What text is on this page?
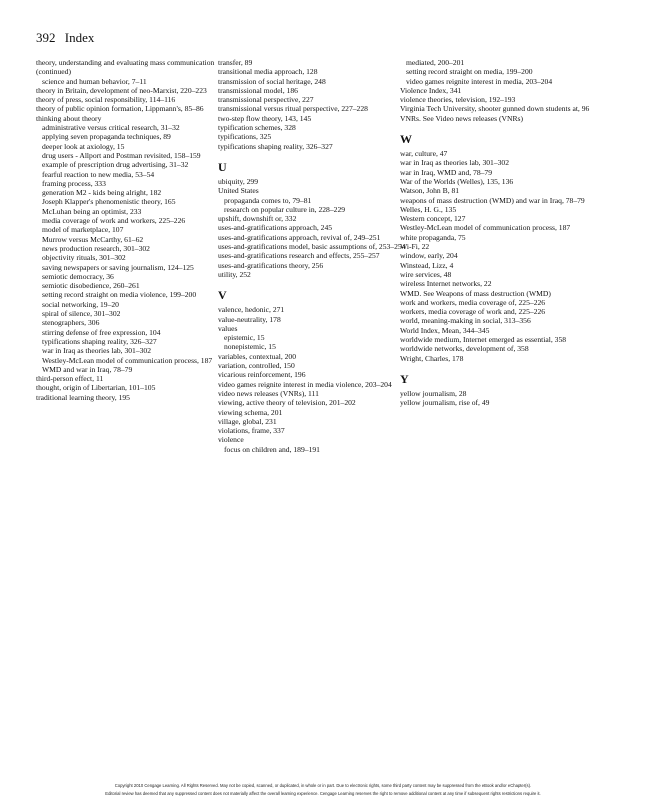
392 Index
theory, understanding and evaluating mass communication
(continued)
science and human behavior, 7–11
theory in Britain, development of neo-Marxist, 220–223
theory of press, social responsibility, 114–116
theory of public opinion formation, Lippmann's, 85–86
thinking about theory
administrative versus critical research, 31–32
applying seven propaganda techniques, 89
deeper look at axiology, 15
drug users - Allport and Postman revisited, 158–159
example of prescription drug advertising, 31–32
fearful reaction to new media, 53–54
framing process, 333
generation M2 - kids being alright, 182
Joseph Klapper's phenomenistic theory, 165
McLuhan being an optimist, 233
media coverage of work and workers, 225–226
model of marketplace, 107
Murrow versus McCarthy, 61–62
news production research, 301–302
objectivity rituals, 301–302
saving newspapers or saving journalism, 124–125
semiotic democracy, 36
semiotic disobedience, 260–261
setting record straight on media violence, 199–200
social networking, 19–20
spiral of silence, 301–302
stenographers, 306
stirring defense of free expression, 104
typifications shaping reality, 326–327
war in Iraq as theories lab, 301–302
Westley-McLean model of communication process, 187
WMD and war in Iraq, 78–79
third-person effect, 11
thought, origin of Libertarian, 101–105
traditional learning theory, 195
transfer, 89
transitional media approach, 128
transmission of social heritage, 248
transmissional model, 186
transmissional perspective, 227
transmissional versus ritual perspective, 227–228
two-step flow theory, 143, 145
typification schemes, 328
typifications, 325
typifications shaping reality, 326–327
U
ubiquity, 299
United States
propaganda comes to, 79–81
research on popular culture in, 228–229
upshift, downshift or, 332
uses-and-gratifications approach, 245
uses-and-gratifications approach, revival of, 249–251
uses-and-gratifications model, basic assumptions of, 253–254
uses-and-gratifications research and effects, 255–257
uses-and-gratifications theory, 256
utility, 252
V
valence, hedonic, 271
value-neutrality, 178
values
epistemic, 15
nonepistemic, 15
variables, contextual, 200
variation, controlled, 150
vicarious reinforcement, 196
video games reignite interest in media violence, 203–204
video news releases (VNRs), 111
viewing, active theory of television, 201–202
viewing schema, 201
village, global, 231
violations, frame, 337
violence
focus on children and, 189–191
mediated, 200–201
setting record straight on media, 199–200
video games reignite interest in media, 203–204
Violence Index, 341
violence theories, television, 192–193
Virginia Tech University, shooter gunned down students at, 96
VNRs. See Video news releases (VNRs)
W
war, culture, 47
war in Iraq as theories lab, 301–302
war in Iraq, WMD and, 78–79
War of the Worlds (Welles), 135, 136
Watson, John B, 81
weapons of mass destruction (WMD) and war in Iraq, 78–79
Welles, H. G., 135
Western concept, 127
Westley-McLean model of communication process, 187
white propaganda, 75
Wi-Fi, 22
window, early, 204
Winstead, Lizz, 4
wire services, 48
wireless Internet networks, 22
WMD. See Weapons of mass destruction (WMD)
work and workers, media coverage of, 225–226
workers, media coverage of work and, 225–226
world, meaning-making in social, 313–356
World Index, Mean, 344–345
worldwide medium, Internet emerged as essential, 358
worldwide networks, development of, 358
Wright, Charles, 178
Y
yellow journalism, 28
yellow journalism, rise of, 49
Copyright 2010 Cengage Learning. All Rights Reserved. May not be copied, scanned, or duplicated, in whole or in part. Due to electronic rights, some third party content may be suppressed from the eBook and/or eChapter(s).
Editorial review has deemed that any suppressed content does not materially affect the overall learning experience. Cengage Learning reserves the right to remove additional content at any time if subsequent rights restrictions require it.
